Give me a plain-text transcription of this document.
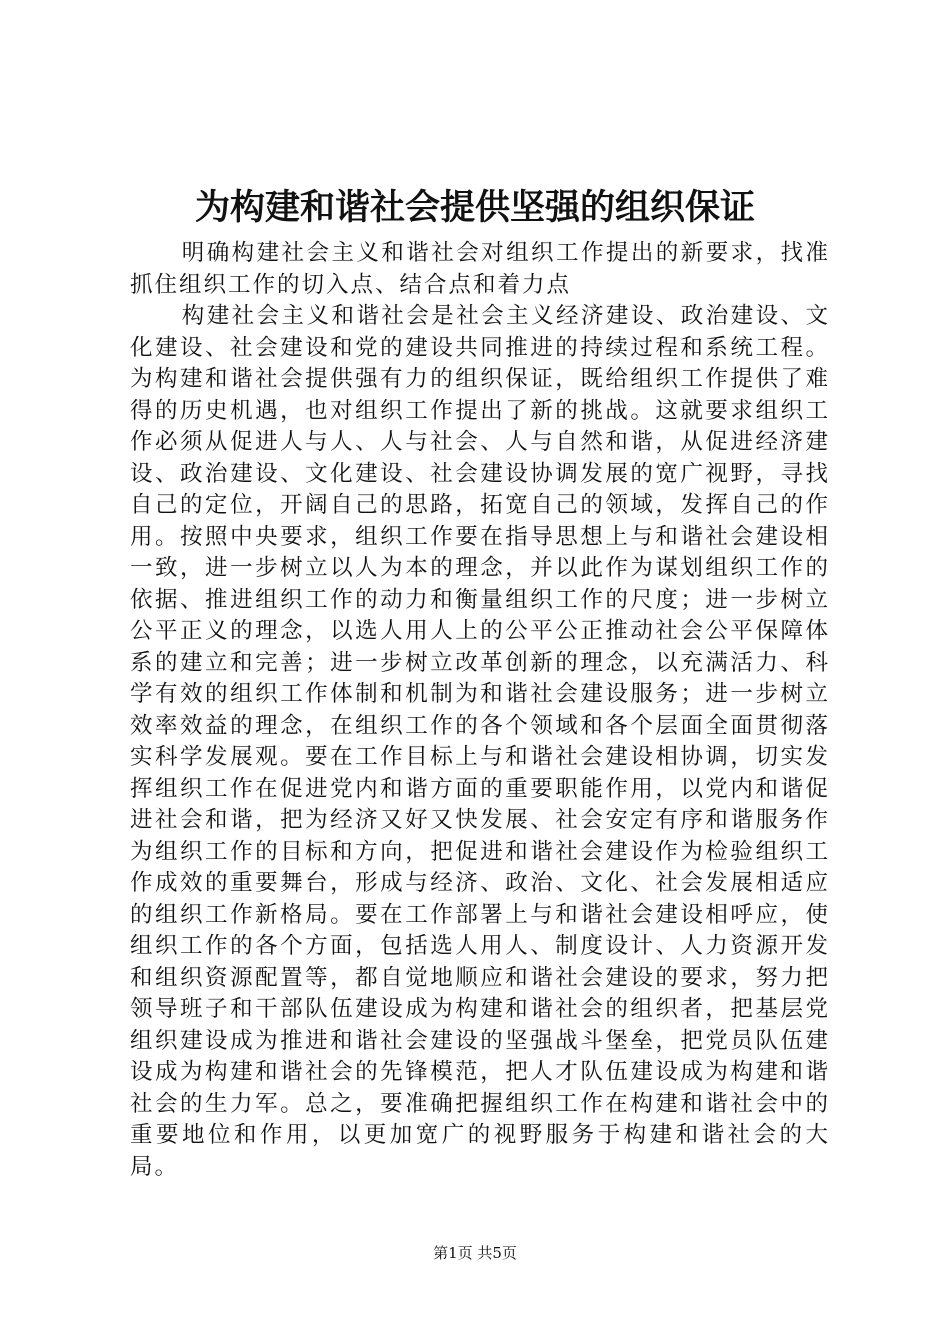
为构建和谐社会提供坚强的组织保证

明确构建社会主义和谐社会对组织工作提出的新要求，找准抓住组织工作的切入点、结合点和着力点

构建社会主义和谐社会是社会主义经济建设、政治建设、文化建设、社会建设和党的建设共同推进的持续过程和系统工程。为构建和谐社会提供强有力的组织保证，既给组织工作提供了难得的历史机遇，也对组织工作提出了新的挑战。这就要求组织工作必须从促进人与人、人与社会、人与自然和谐，从促进经济建设、政治建设、文化建设、社会建设协调发展的宽广视野，寻找自己的定位，开阔自己的思路，拓宽自己的领域，发挥自己的作用。按照中央要求，组织工作要在指导思想上与和谐社会建设相一致，进一步树立以人为本的理念，并以此作为谋划组织工作的依据、推进组织工作的动力和衡量组织工作的尺度；进一步树立公平正义的理念，以选人用人上的公平公正推动社会公平保障体系的建立和完善；进一步树立改革创新的理念，以充满活力、科学有效的组织工作体制和机制为和谐社会建设服务；进一步树立效率效益的理念，在组织工作的各个领域和各个层面全面贯彻落实科学发展观。要在工作目标上与和谐社会建设相协调，切实发挥组织工作在促进党内和谐方面的重要职能作用，以党内和谐促进社会和谐，把为经济又好又快发展、社会安定有序和谐服务作为组织工作的目标和方向，把促进和谐社会建设作为检验组织工作成效的重要舞台，形成与经济、政治、文化、社会发展相适应的组织工作新格局。要在工作部署上与和谐社会建设相呼应，使组织工作的各个方面，包括选人用人、制度设计、人力资源开发和组织资源配置等，都自觉地顺应和谐社会建设的要求，努力把领导班子和干部队伍建设成为构建和谐社会的组织者，把基层党组织建设成为推进和谐社会建设的坚强战斗堡垒，把党员队伍建设成为构建和谐社会的先锋模范，把人才队伍建设成为构建和谐社会的生力军。总之，要准确把握组织工作在构建和谐社会中的重要地位和作用，以更加宽广的视野服务于构建和谐社会的大局。

第1页 共5页
